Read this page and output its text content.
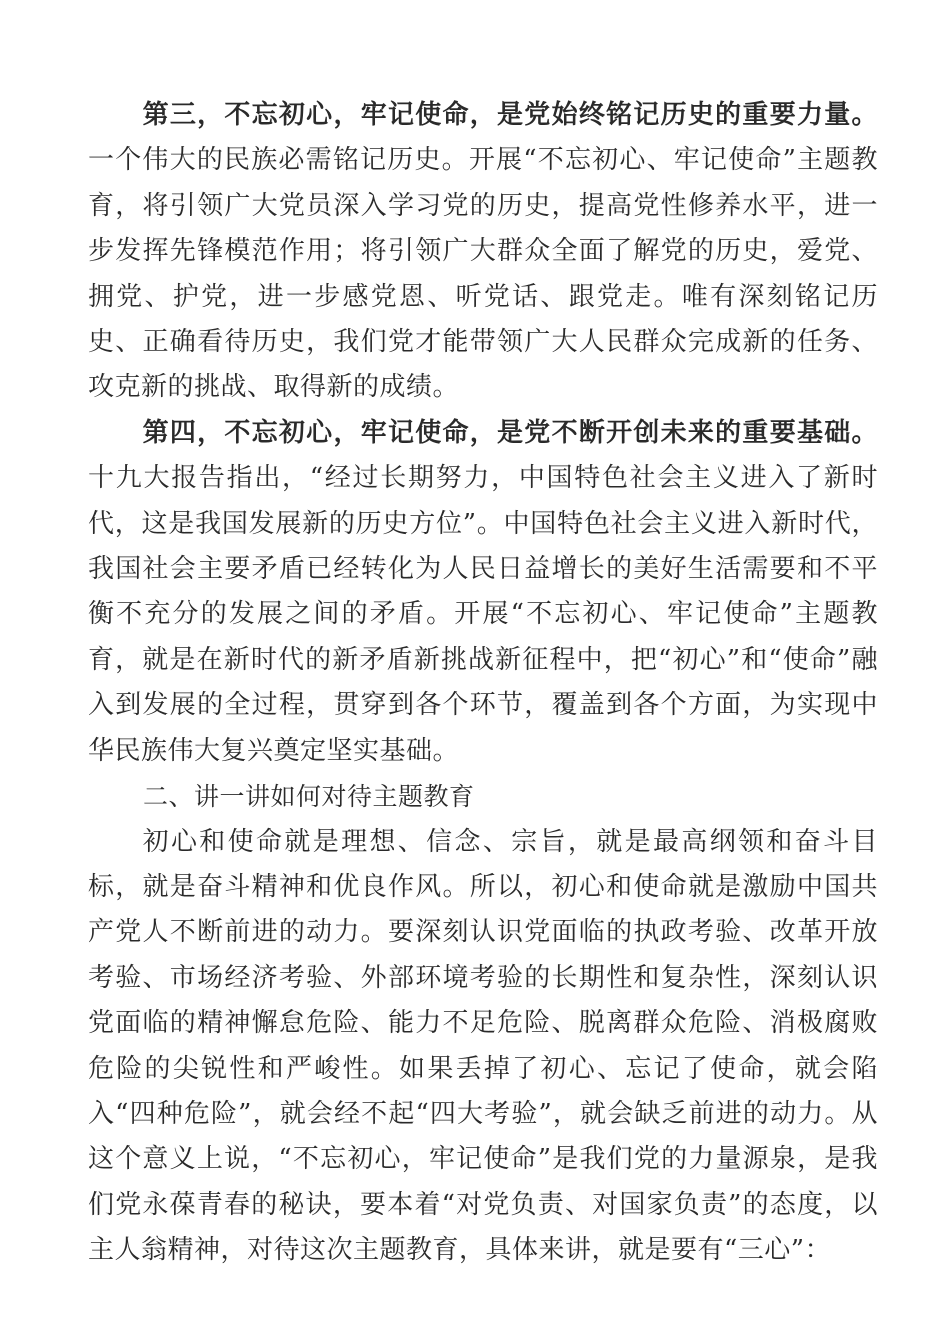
第三，不忘初心，牢记使命，是党始终铭记历史的重要力量。一个伟大的民族必需铭记历史。开展“不忘初心、牢记使命”主题教育，将引领广大党员深入学习党的历史，提高党性修养水平，进一步发挥先锋模范作用；将引领广大群众全面了解党的历史，爱党、拥党、护党，进一步感党恩、听党话、跟党走。唯有深刻铭记历史、正确看待历史，我们党才能带领广大人民群众完成新的任务、攻克新的挑战、取得新的成绩。

第四，不忘初心，牢记使命，是党不断开创未来的重要基础。十九大报告指出，“经过长期努力，中国特色社会主义进入了新时代，这是我国发展新的历史方位”。中国特色社会主义进入新时代，我国社会主要矛盾已经转化为人民日益增长的美好生活需要和不平衡不充分的发展之间的矛盾。开展“不忘初心、牢记使命”主题教育，就是在新时代的新矛盾新挑战新征程中，把“初心”和“使命”融入到发展的全过程，贯穿到各个环节，覆盖到各个方面，为实现中华民族伟大复兴奠定坚实基础。

二、讲一讲如何对待主题教育

初心和使命就是理想、信念、宗旨，就是最高纲领和奋斗目标，就是奋斗精神和优良作风。所以，初心和使命就是激励中国共产党人不断前进的动力。要深刻认识党面临的执政考验、改革开放考验、市场经济考验、外部环境考验的长期性和复杂性，深刻认识党面临的精神懈怠危险、能力不足危险、脱离群众危险、消极腐败危险的尖锐性和严峻性。如果丢掉了初心、忘记了使命，就会陷入“四种危险”，就会经不起“四大考验”，就会缺乏前进的动力。从这个意义上说，“不忘初心，牢记使命”是我们党的力量源泉，是我们党永葆青春的秘诀，要本着“对党负责、对国家负责”的态度，以主人翁精神，对待这次主题教育，具体来讲，就是要有“三心”：
